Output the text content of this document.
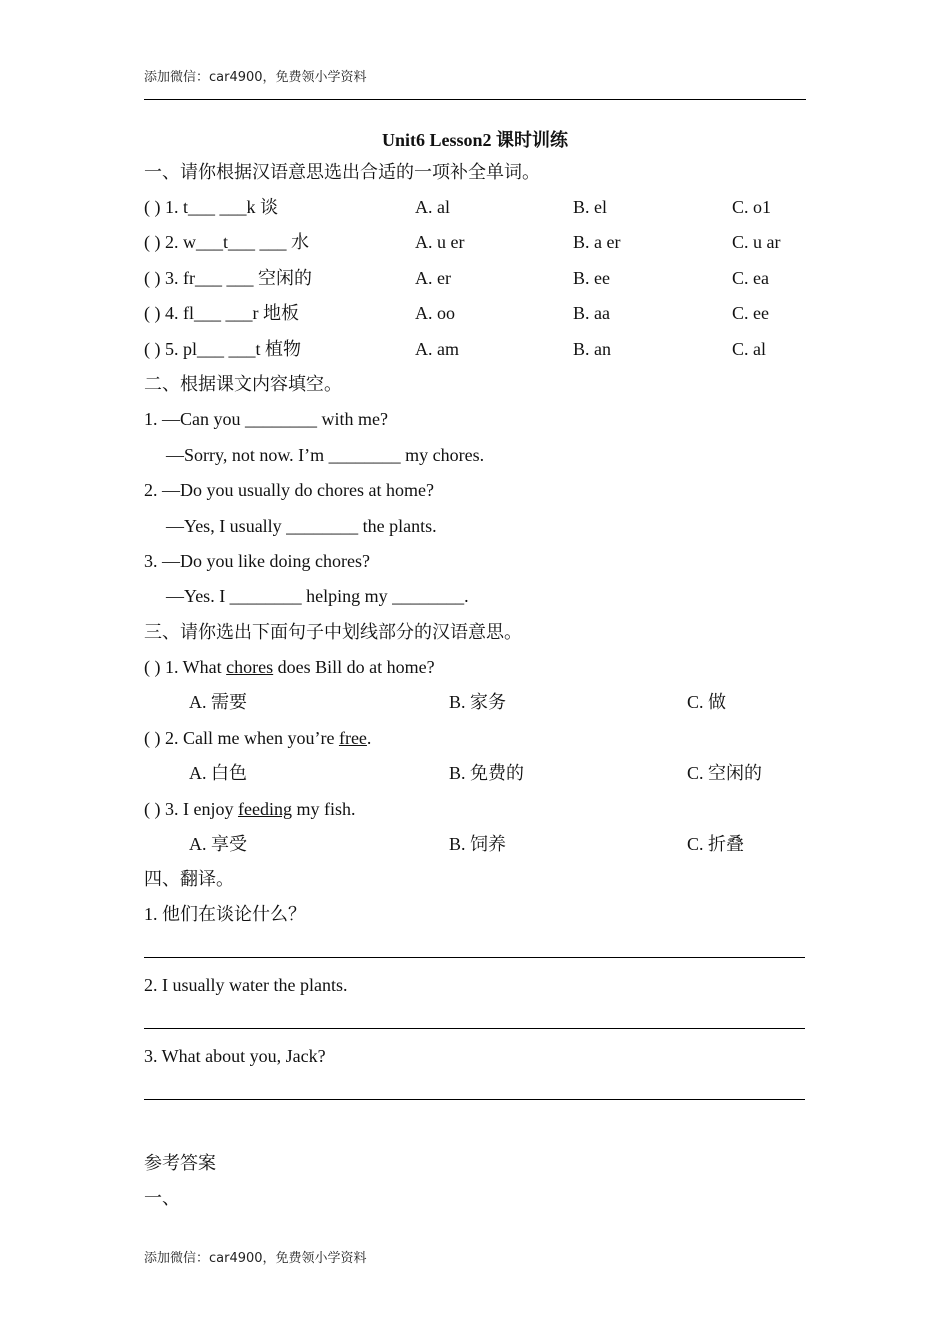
添加微信：car4900，免费领小学资料
Unit6 Lesson2 课时训练
一、请你根据汉语意思选出合适的一项补全单词。
( ) 1. t___ ___k 谈	A. al	B. el	C. o1
( ) 2. w___t___ ___ 水	A. u er	B. a er	C. u ar
( ) 3. fr___ ___ 空闲的	A. er	B. ee	C. ea
( ) 4. fl___ ___r 地板	A. oo	B. aa	C. ee
( ) 5. pl___ ___t 植物	A. am	B. an	C. al
二、根据课文内容填空。
1. —Can you ________ with me?
—Sorry, not now. I’m ________ my chores.
2. —Do you usually do chores at home?
—Yes, I usually ________ the plants.
3. —Do you like doing chores?
—Yes. I ________ helping my ________.
三、请你选出下面句子中划线部分的汉语意思。
( ) 1. What chores does Bill do at home?
A. 需要	B. 家务	C. 做
( ) 2. Call me when you’re free.
A. 白色	B. 免费的	C. 空闲的
( ) 3. I enjoy feeding my fish.
A. 享受	B. 饲养	C. 折叠
四、翻译。
1. 他们在谈论什么？
2. I usually water the plants.
3. What about you, Jack?
参考答案
一、
添加微信：car4900，免费领小学资料
